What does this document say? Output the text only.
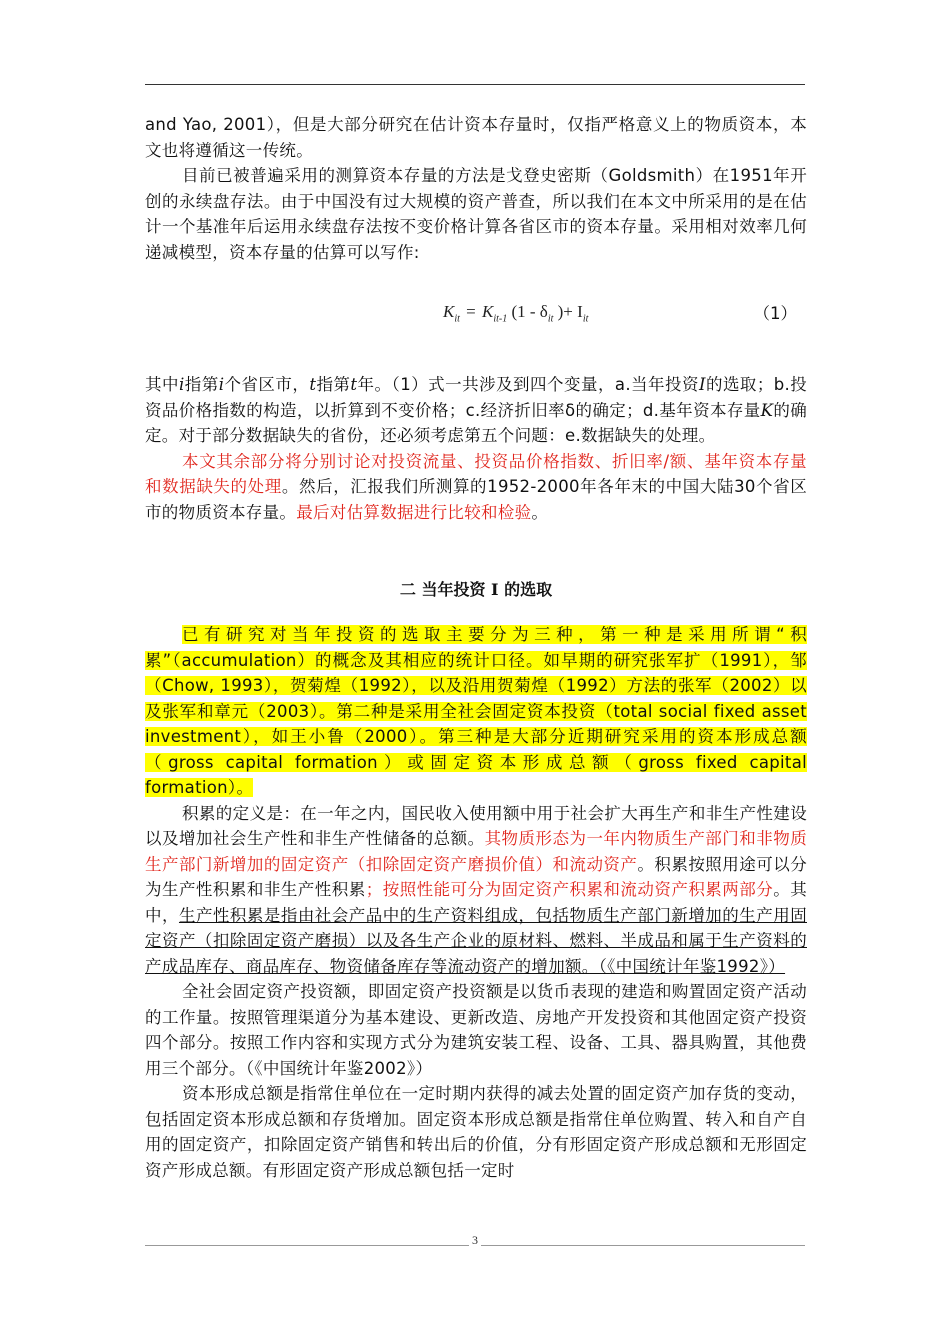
and Yao, 2001），但是大部分研究在估计资本存量时，仅指严格意义上的物质资本，本文也将遵循这一传统。

目前已被普遍采用的测算资本存量的方法是戈登史密斯（Goldsmith）在1951年开创的永续盘存法。由于中国没有过大规模的资产普查，所以我们在本文中所采用的是在估计一个基准年后运用永续盘存法按不变价格计算各省区市的资本存量。采用相对效率几何递减模型，资本存量的估算可以写作:

$K_{it} = K_{it-1}$ ($1 - \delta_{it}$ )+ $I_{it}$	（1）

其中i指第i个省区市，t指第t年。（1）式一共涉及到四个变量，a.当年投资I的选取；b.投资品价格指数的构造，以折算到不变价格；c.经济折旧率δ的确定；d.基年资本存量K的确定。对于部分数据缺失的省份，还必须考虑第五个问题：e.数据缺失的处理。

本文其余部分将分别讨论对投资流量、投资品价格指数、折旧率/额、基年资本存量和数据缺失的处理。然后，汇报我们所测算的1952-2000年各年末的中国大陆30个省区市的物质资本存量。最后对估算数据进行比较和检验。

二 当年投资 I 的选取

已有研究对当年投资的选取主要分为三种，第一种是采用所谓“积累”（accumulation）的概念及其相应的统计口径。如早期的研究张军扩（1991），邹（Chow, 1993），贺菊煌（1992），以及沿用贺菊煌（1992）方法的张军（2002）以及张军和章元（2003）。第二种是采用全社会固定资本投资（total social fixed asset investment），如王小鲁（2000）。第三种是大部分近期研究采用的资本形成总额（gross capital formation）或固定资本形成总额（gross fixed capital formation）。

积累的定义是：在一年之内，国民收入使用额中用于社会扩大再生产和非生产性建设以及增加社会生产性和非生产性储备的总额。其物质形态为一年内物质生产部门和非物质生产部门新增加的固定资产（扣除固定资产磨损价值）和流动资产。积累按照用途可以分为生产性积累和非生产性积累；按照性能可分为固定资产积累和流动资产积累两部分。其中，生产性积累是指由社会产品中的生产资料组成，包括物质生产部门新增加的生产用固定资产（扣除固定资产磨损）以及各生产企业的原材料、燃料、半成品和属于生产资料的产成品库存、商品库存、物资储备库存等流动资产的增加额。（《中国统计年鉴1992》）

全社会固定资产投资额，即固定资产投资额是以货币表现的建造和购置固定资产活动的工作量。按照管理渠道分为基本建设、更新改造、房地产开发投资和其他固定资产投资四个部分。按照工作内容和实现方式分为建筑安装工程、设备、工具、器具购置，其他费用三个部分。（《中国统计年鉴2002》）

资本形成总额是指常住单位在一定时期内获得的减去处置的固定资产加存货的变动，包括固定资本形成总额和存货增加。固定资本形成总额是指常住单位购置、转入和自产自用的固定资产，扣除固定资产销售和转出后的价值，分有形固定资产形成总额和无形固定资产形成总额。有形固定资产形成总额包括一定时

3
